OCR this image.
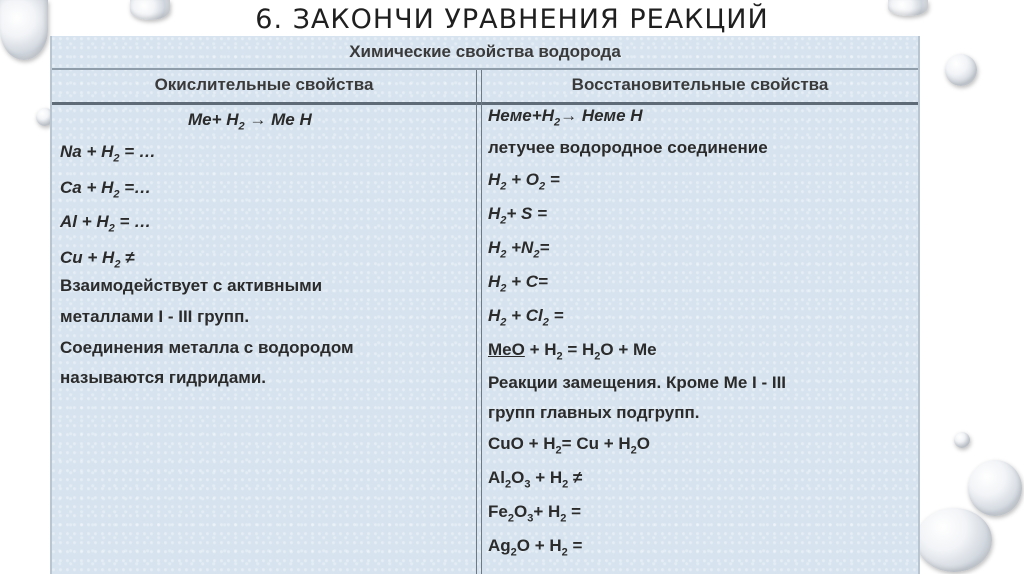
6. ЗАКОНЧИ УРАВНЕНИЯ РЕАКЦИЙ
Химические свойства водорода
Окислительные свойства	Восстановительные свойства
$Ме+ H_2$ → Ме Н
$Na + H_2$ = …
$Ca + H_2$ =…
$Al + H_2$ = …
$Cu + H_2$ ≠
Взаимодействует с активными
металлами I - III групп.
Соединения металла с водородом
называются гидридами.
$Неме+H_2\to$ Неме Н
летучее водородное соединение
$H_2 + O_2$ =
$H_2+ S$ =
$H_2 +N_2=$
$H_2 + C=$
$H_2 + Cl_2$ =
MeO + $H_2 = H_2O + Me$
Реакции замещения. Кроме Ме I - III
групп главных подгрупп.
CuO + $H_2= Cu + H_2O$
$Al_2O_3 + H_2$ ≠
$Fe_2O_3+ H_2$ =
$Ag_2O + H_2$ =
